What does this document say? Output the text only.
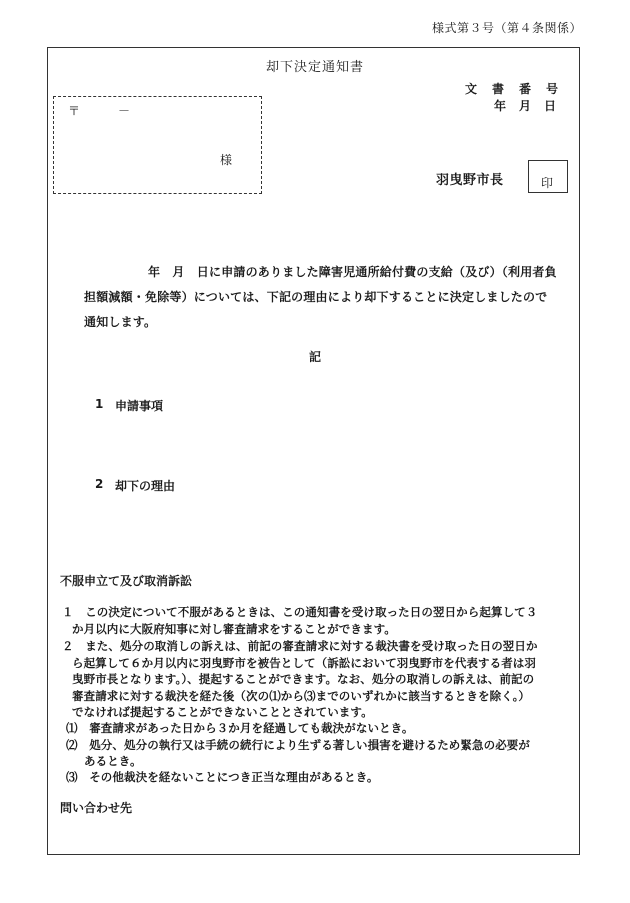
様式第３号（第４条関係）
却下決定通知書
〒	－
様
文書番号
年月日
羽曳野市長	印
年　月　日に申請のありました障害児通所給付費の支給（及び）（利用者負
担額減額・免除等）については、下記の理由により却下することに決定しましたので
通知します。
記
1 申請事項
2 却下の理由
不服申立て及び取消訴訟
１　この決定について不服があるときは、この通知書を受け取った日の翌日から起算して３
か月以内に大阪府知事に対し審査請求をすることができます。
２　また、処分の取消しの訴えは、前記の審査請求に対する裁決書を受け取った日の翌日か
ら起算して６か月以内に羽曳野市を被告として（訴訟において羽曳野市を代表する者は羽
曳野市長となります。）、提起することができます。なお、処分の取消しの訴えは、前記の
審査請求に対する裁決を経た後（次の⑴から⑶までのいずれかに該当するときを除く。）
でなければ提起することができないこととされています。
⑴　審査請求があった日から３か月を経過しても裁決がないとき。
⑵　処分、処分の執行又は手続の続行により生ずる著しい損害を避けるため緊急の必要が
あるとき。
⑶　その他裁決を経ないことにつき正当な理由があるとき。
問い合わせ先
